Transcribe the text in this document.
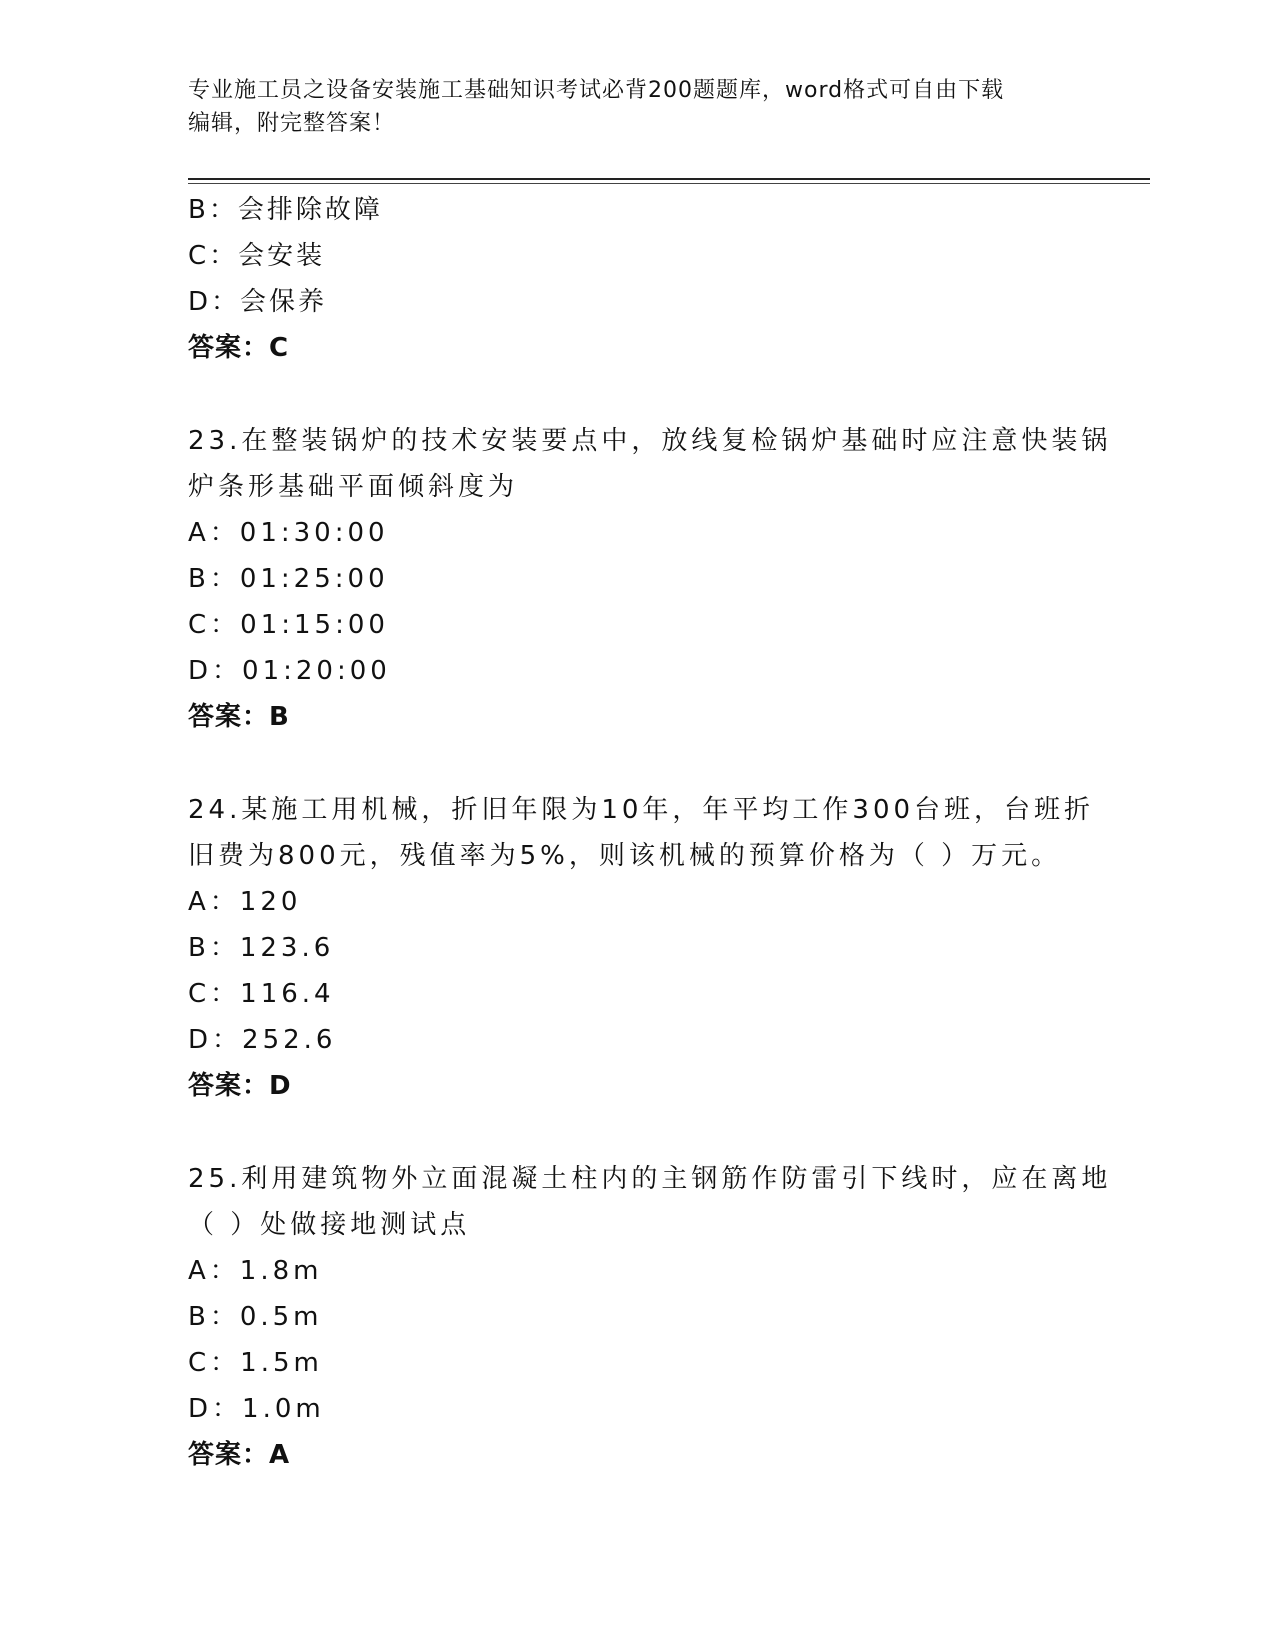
专业施工员之设备安装施工基础知识考试必背200题题库，word格式可自由下载
编辑，附完整答案！
B：会排除故障
C：会安装
D：会保养
答案：C
23.在整装锅炉的技术安装要点中，放线复检锅炉基础时应注意快装锅
炉条形基础平面倾斜度为
A：01:30:00
B：01:25:00
C：01:15:00
D：01:20:00
答案：B
24.某施工用机械，折旧年限为10年，年平均工作300台班，台班折
旧费为800元，残值率为5%，则该机械的预算价格为（ ）万元。
A：120
B：123.6
C：116.4
D：252.6
答案：D
25.利用建筑物外立面混凝土柱内的主钢筋作防雷引下线时，应在离地
（ ）处做接地测试点
A：1.8m
B：0.5m
C：1.5m
D：1.0m
答案：A
